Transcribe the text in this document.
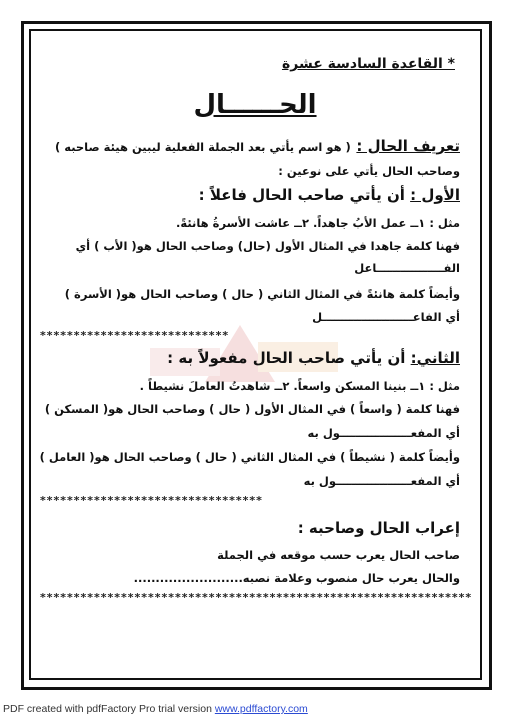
* القاعدة السادسة عشرة
الحــــــال
تعريف الحال : ( هو اسم يأتي بعد الجملة الفعلية ليبين هيئة صاحبه )
وصاحب الحال يأتي على نوعين :
الأول : أن يأتي صاحب الحال فاعلاً :
مثل : ١ــ عمل الأبُ جاهداً. ٢ــ عاشت الأسرةُ هانئةً.
فهنا كلمة جاهدا في المثال الأول (حال) وصاحب الحال هو( الأب ) أي
الفـــــــــــــــــاعل
وأيضاً كلمة هانئةً في المثال الثاني ( حال ) وصاحب الحال هو( الأسرة )
أي الفاعـــــــــــــــــــــــل
****************************
الثاني: أن يأتي صاحب الحال مفعولاً به :
مثل : ١ــ بنينا المسكن واسعاً. ٢ــ شاهدتُ العاملَ نشيطاً .
فهنا كلمة ( واسعاً ) في المثال الأول ( حال ) وصاحب الحال هو( المسكن )
أي المفعــــــــــــــــــول به
وأيضاً كلمة ( نشيطاً ) في المثال الثاني ( حال ) وصاحب الحال هو( العامل )
أي المفعـــــــــــــــــــول به
*********************************
إعراب الحال وصاحبه :
صاحب الحال يعرب حسب موقعه في الجملة
والحال يعرب حال منصوب وعلامة نصبه.........................
****************************************************************
PDF created with pdfFactory Pro trial version www.pdffactory.com
